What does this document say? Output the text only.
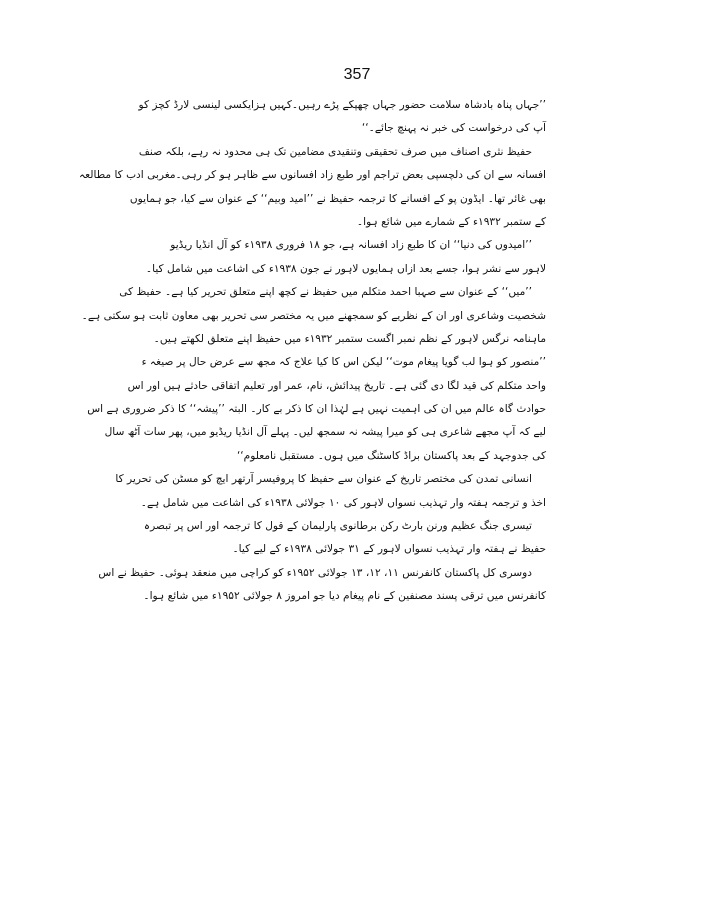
357
’’جہاں پناہ بادشاہ سلامت حضور جہاں چھپکے پڑے رہیں۔کہیں ہزایکسی لینسی لارڈ کچز کو
آپ کی درخواست کی خبر نہ پہنچ جائے۔‘‘
حفیظ نثری اصناف میں صرف تحقیقی وتنقیدی مضامین تک ہی محدود نہ رہے، بلکہ صنف
افسانہ سے ان کی دلچسپی بعض تراجم اور طبع زاد افسانوں سے ظاہر ہو کر رہی۔مغربی ادب کا مطالعہ
بھی غائر تھا۔ ایڈون پو کے افسانے کا ترجمہ حفیظ نے ’’امید وبیم‘‘ کے عنوان سے کیا، جو ہمایوں
کے ستمبر ۱۹۳۲ء کے شمارے میں شائع ہوا۔
’’امیدوں کی دنیا‘‘ ان کا طبع زاد افسانہ ہے، جو ۱۸ فروری ۱۹۳۸ء کو آل انڈیا ریڈیو
لاہور سے نشر ہوا، جسے بعد ازاں ہمایوں لاہور نے جون ۱۹۳۸ء کی اشاعت میں شامل کیا۔
’’میں‘‘ کے عنوان سے صہبا احمد متکلم میں حفیظ نے کچھ اپنے متعلق تحریر کیا ہے۔ حفیظ کی
شخصیت وشاعری اور ان کے نظریے کو سمجھنے میں یہ مختصر سی تحریر بھی معاون ثابت ہو سکتی ہے۔
ماہنامہ نرگس لاہور کے نظم نمبر اگست ستمبر ۱۹۳۲ء میں حفیظ اپنے متعلق لکھتے ہیں۔
’’منصور کو ہوا لب گویا پیغام موت‘‘ لیکن اس کا کیا علاج کہ مجھ سے عرض حال پر صیغہ ء
واحد متکلم کی قید لگا دی گئی ہے۔ تاریخ پیدائش، نام، عمر اور تعلیم اتفاقی حادثے ہیں اور اس
حوادث گاہ عالم میں ان کی اہمیت نہیں ہے لہٰذا ان کا ذکر بے کار۔ البتہ ’’پیشہ‘‘ کا ذکر ضروری ہے اس
لیے کہ آپ مجھے شاعری ہی کو میرا پیشہ نہ سمجھ لیں۔ پہلے آل انڈیا ریڈیو میں، پھر سات آٹھ سال
کی جدوجہد کے بعد پاکستان براڈ کاسٹنگ میں ہوں۔ مستقبل نامعلوم‘‘
انسانی تمدن کی مختصر تاریخ کے عنوان سے حفیظ کا پروفیسر آرتھر ایچ کو مسٹن کی تحریر کا
اخذ و ترجمہ ہفتہ وار تہذیب نسواں لاہور کی ۱۰ جولائی ۱۹۳۸ء کی اشاعت میں شامل ہے۔
تیسری جنگ عظیم ورنن بارٹ رکن برطانوی پارلیمان کے قول کا ترجمہ اور اس پر تبصرہ
حفیظ نے ہفتہ وار تہذیب نسواں لاہور کے ۳۱ جولائی ۱۹۳۸ء کے لیے کیا۔
دوسری کل پاکستان کانفرنس ۱۱، ۱۲، ۱۳ جولائی ۱۹۵۲ء کو کراچی میں منعقد ہوئی۔ حفیظ نے اس
کانفرنس میں ترقی پسند مصنفین کے نام پیغام دیا جو امروز ۸ جولائی ۱۹۵۲ء میں شائع ہوا۔
